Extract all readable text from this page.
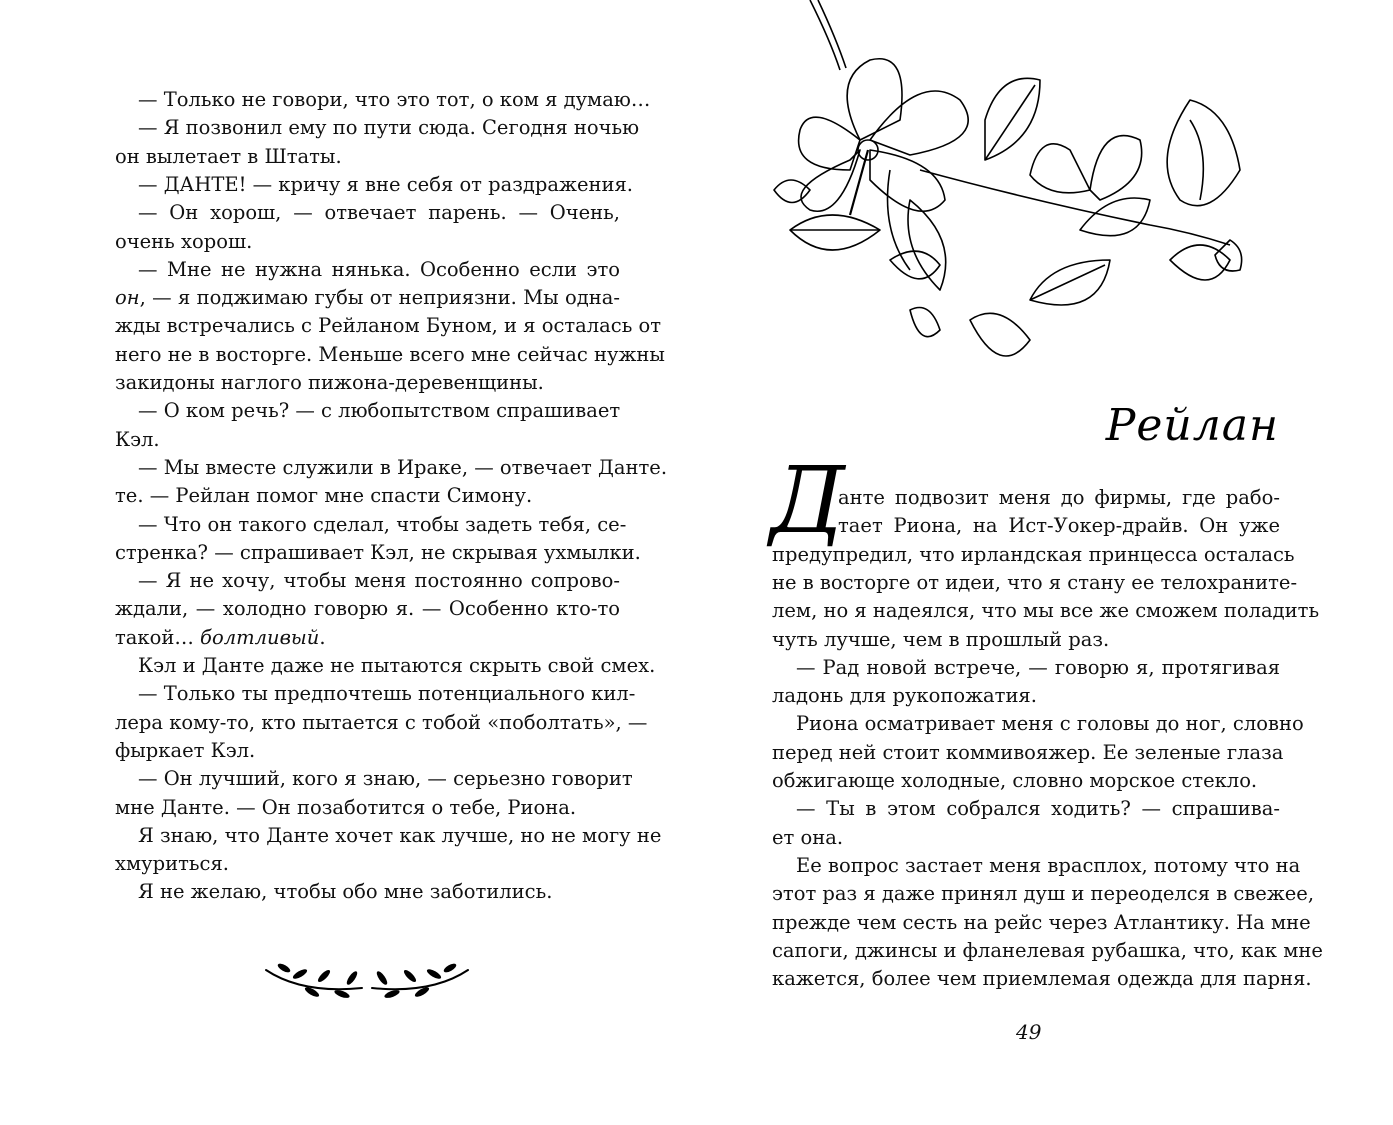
— Только не говори, что это тот, о ком я думаю…
— Я позвонил ему по пути сюда. Сегодня ночью
он вылетает в Штаты.
— ДАНТЕ! — кричу я вне себя от раздражения.
— Он хорош, — отвечает парень. — Очень,
очень хорош.
— Мне не нужна нянька. Особенно если это
он, — я поджимаю губы от неприязни. Мы одна-
жды встречались с Рейланом Буном, и я осталась от
него не в восторге. Меньше всего мне сейчас нужны
закидоны наглого пижона-деревенщины.
— О ком речь? — с любопытством спрашивает
Кэл.
— Мы вместе служили в Ираке, — отвечает Данте.
те. — Рейлан помог мне спасти Симону.
— Что он такого сделал, чтобы задеть тебя, се-
стренка? — спрашивает Кэл, не скрывая ухмылки.
— Я не хочу, чтобы меня постоянно сопрово-
ждали, — холодно говорю я. — Особенно кто-то
такой… болтливый.
Кэл и Данте даже не пытаются скрыть свой смех.
— Только ты предпочтешь потенциального кил-
лера кому-то, кто пытается с тобой «поболтать», —
фыркает Кэл.
— Он лучший, кого я знаю, — серьезно говорит
мне Данте. — Он позаботится о тебе, Риона.
Я знаю, что Данте хочет как лучше, но не могу не
хмуриться.
Я не желаю, чтобы обо мне заботились.
Рейлан
Д
анте подвозит меня до фирмы, где рабо-
тает Риона, на Ист-Уокер-драйв. Он уже
предупредил, что ирландская принцесса осталась
не в восторге от идеи, что я стану ее телохраните-
лем, но я надеялся, что мы все же сможем поладить
чуть лучше, чем в прошлый раз.
— Рад новой встрече, — говорю я, протягивая
ладонь для рукопожатия.
Риона осматривает меня с головы до ног, словно
перед ней стоит коммивояжер. Ее зеленые глаза
обжигающе холодные, словно морское стекло.
— Ты в этом собрался ходить? — спрашива-
ет она.
Ее вопрос застает меня врасплох, потому что на
этот раз я даже принял душ и переоделся в свежее,
прежде чем сесть на рейс через Атлантику. На мне
сапоги, джинсы и фланелевая рубашка, что, как мне
кажется, более чем приемлемая одежда для парня.
49
